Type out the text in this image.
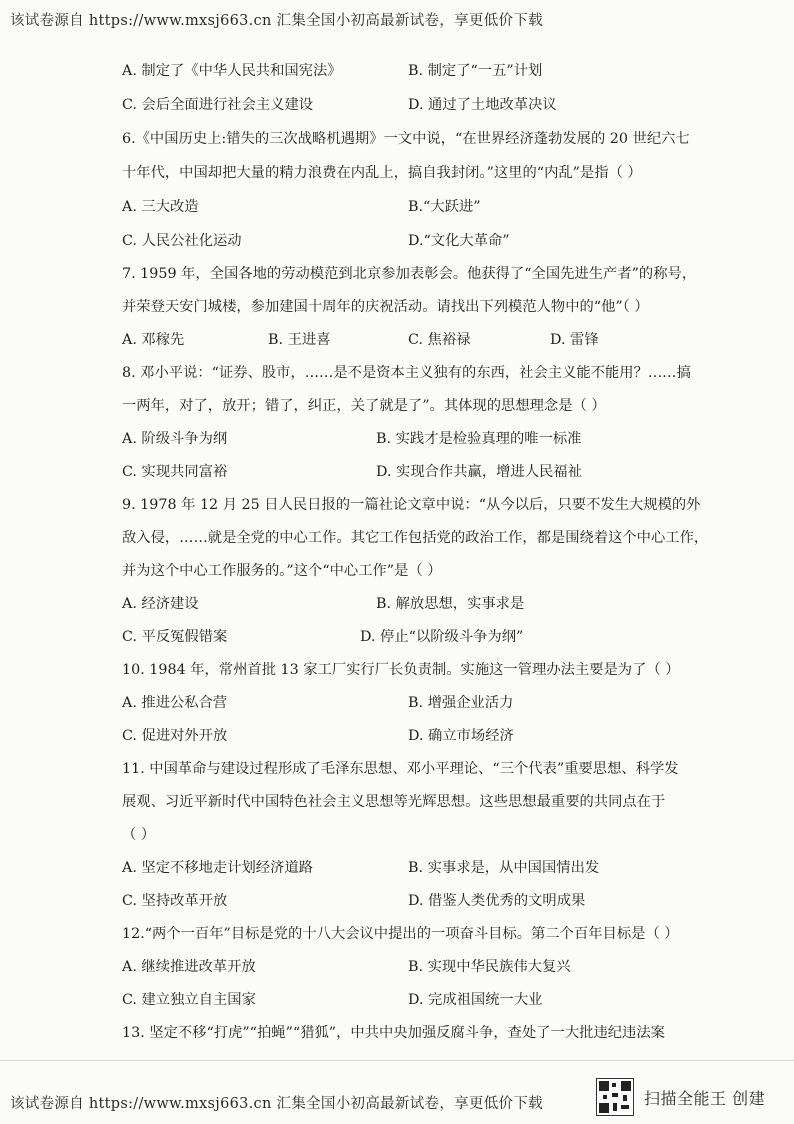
该试卷源自 https://www.mxsj663.cn 汇集全国小初高最新试卷，享更低价下载
A. 制定了《中华人民共和国宪法》	B. 制定了“一五”计划
C. 会后全面进行社会主义建设	D. 通过了土地改革决议
6.《中国历史上:错失的三次战略机遇期》一文中说，“在世界经济蓬勃发展的 20 世纪六七
十年代，中国却把大量的精力浪费在内乱上，搞自我封闭。”这里的“内乱”是指（ ）
A. 三大改造	B.“大跃进”
C. 人民公社化运动	D.“文化大革命”
7. 1959 年，全国各地的劳动模范到北京参加表彰会。他获得了“全国先进生产者”的称号，
并荣登天安门城楼，参加建国十周年的庆祝活动。请找出下列模范人物中的“他”（ ）
A. 邓稼先	B. 王进喜	C. 焦裕禄	D. 雷锋
8. 邓小平说：“证券、股市，……是不是资本主义独有的东西，社会主义能不能用？……搞
一两年，对了，放开；错了，纠正，关了就是了”。其体现的思想理念是（ ）
A. 阶级斗争为纲	B. 实践才是检验真理的唯一标准
C. 实现共同富裕	D. 实现合作共赢，增进人民福祉
9. 1978 年 12 月 25 日人民日报的一篇社论文章中说：“从今以后，只要不发生大规模的外
敌入侵，……就是全党的中心工作。其它工作包括党的政治工作，都是围绕着这个中心工作，
并为这个中心工作服务的。”这个“中心工作”是（ ）
A. 经济建设	B. 解放思想，实事求是
C. 平反冤假错案	D. 停止“以阶级斗争为纲”
10. 1984 年，常州首批 13 家工厂实行厂长负责制。实施这一管理办法主要是为了（ ）
A. 推进公私合营	B. 增强企业活力
C. 促进对外开放	D. 确立市场经济
11. 中国革命与建设过程形成了毛泽东思想、邓小平理论、“三个代表”重要思想、科学发
展观、习近平新时代中国特色社会主义思想等光辉思想。这些思想最重要的共同点在于
（ ）
A. 坚定不移地走计划经济道路	B. 实事求是，从中国国情出发
C. 坚持改革开放	D. 借鉴人类优秀的文明成果
12.“两个一百年”目标是党的十八大会议中提出的一项奋斗目标。第二个百年目标是（ ）
A. 继续推进改革开放	B. 实现中华民族伟大复兴
C. 建立独立自主国家	D. 完成祖国统一大业
13. 坚定不移“打虎”“拍蝇”“猎狐”，中共中央加强反腐斗争，查处了一大批违纪违法案
该试卷源自 https://www.mxsj663.cn 汇集全国小初高最新试卷，享更低价下载	扫描全能王 创建
